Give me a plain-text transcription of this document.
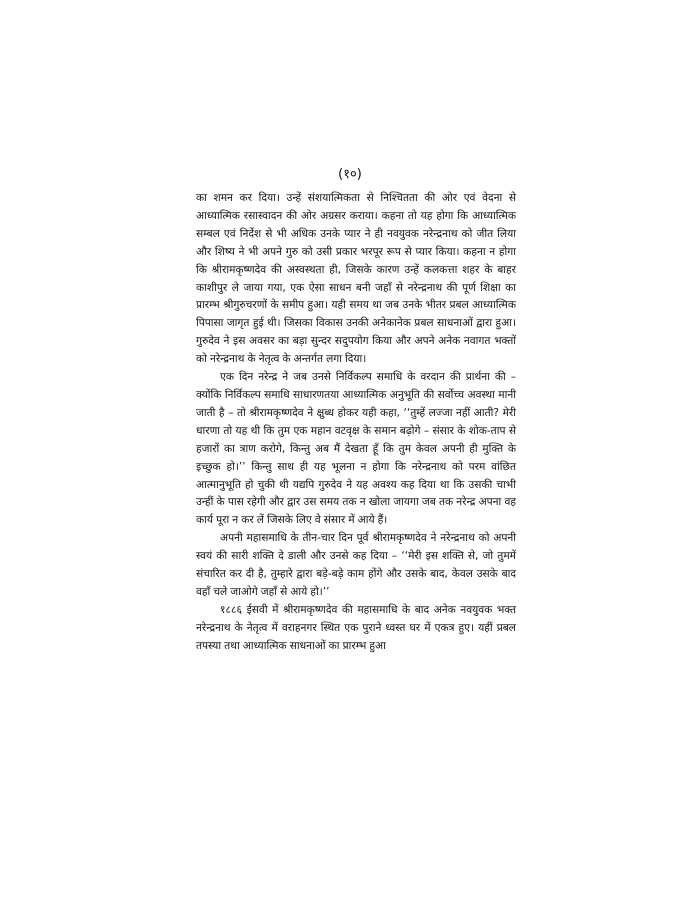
(१०)

का शमन कर दिया। उन्हें संशयात्मिकता से निश्चितता की ओर एवं वेदना से आध्यात्मिक रसास्वादन की ओर अग्रसर कराया। कहना तो यह होगा कि आध्यात्मिक सम्बल एवं निर्देश से भी अधिक उनके प्यार ने ही नवयुवक नरेन्द्रनाथ को जीत लिया और शिष्य ने भी अपने गुरु को उसी प्रकार भरपूर रूप से प्यार किया। कहना न होगा कि श्रीरामकृष्णदेव की अस्वस्थता ही, जिसके कारण उन्हें कलकत्ता शहर के बाहर काशीपुर ले जाया गया, एक ऐसा साधन बनी जहाँ से नरेन्द्रनाथ की पूर्ण शिक्षा का प्रारम्भ श्रीगुरुचरणों के समीप हुआ। यही समय था जब उनके भीतर प्रबल आध्यात्मिक पिपासा जागृत हुई थी। जिसका विकास उनकी अनेकानेक प्रबल साधनाओं द्वारा हुआ। गुरुदेव ने इस अवसर का बड़ा सुन्दर सदुपयोग किया और अपने अनेक नवागत भक्तों को नरेन्द्रनाथ के नेतृत्व के अन्तर्गत लगा दिया।

एक दिन नरेन्द्र ने जब उनसे निर्विकल्प समाधि के वरदान की प्रार्थना की – क्योंकि निर्विकल्प समाधि साधारणतया आध्यात्मिक अनुभूति की सर्वोच्च अवस्था मानी जाती है – तो श्रीरामकृष्णदेव ने क्षुब्ध होकर यही कहा, ‘‘तुम्हें लज्जा नहीं आती? मेरी धारणा तो यह थी कि तुम एक महान वटवृक्ष के समान बढ़ोगे – संसार के शोक-ताप से हजारों का त्राण करोगे, किन्तु अब मैं देखता हूँ कि तुम केवल अपनी ही मुक्ति के इच्छुक हो।’’ किन्तु साथ ही यह भूलना न होगा कि नरेन्द्रनाथ को परम वांछित आत्मानुभूति हो चुकी थी यद्यपि गुरुदेव ने यह अवश्य कह दिया था कि उसकी चाभी उन्हीं के पास रहेगी और द्वार उस समय तक न खोला जायगा जब तक नरेन्द्र अपना वह कार्य पूरा न कर लें जिसके लिए वे संसार में आये हैं।

अपनी महासमाधि के तीन-चार दिन पूर्व श्रीरामकृष्णदेव ने नरेन्द्रनाथ को अपनी स्वयं की सारी शक्ति दे डाली और उनसे कह दिया – ‘‘मेरी इस शक्ति से, जो तुममें संचारित कर दी है, तुम्हारे द्वारा बड़े-बड़े काम होंगे और उसके बाद, केवल उसके बाद वहाँ चले जाओगे जहाँ से आये हो।’’

१८८६ ईसवी में श्रीरामकृष्णदेव की महासमाधि के बाद अनेक नवयुवक भक्त नरेन्द्रनाथ के नेतृत्व में वराहनगर स्थित एक पुराने ध्वस्त घर में एकत्र हुए। यहीं प्रबल तपस्या तथा आध्यात्मिक साधनाओं का प्रारम्भ हुआ
